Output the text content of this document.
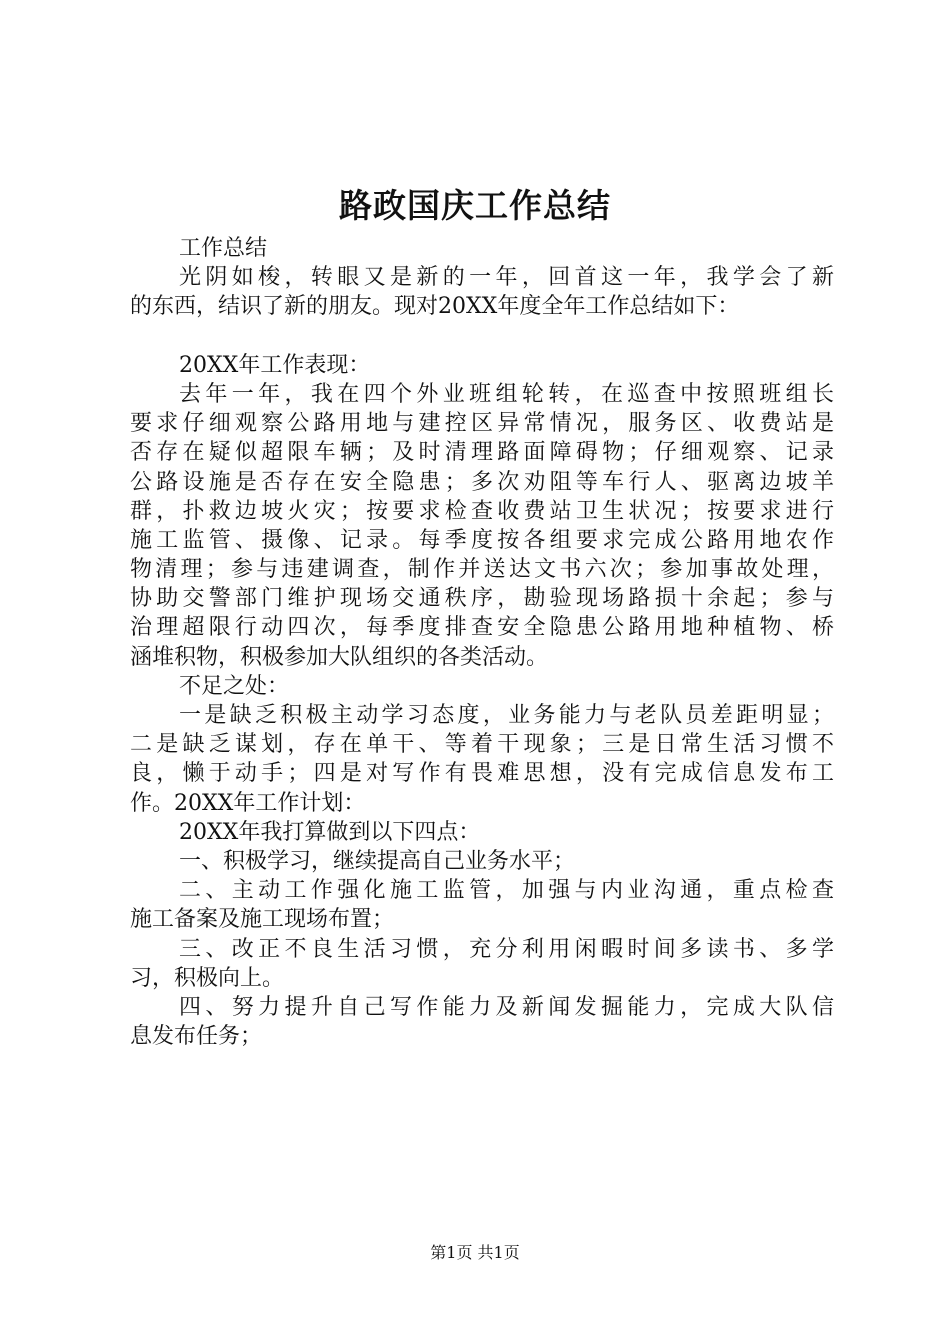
路政国庆工作总结
工作总结
光阴如梭，转眼又是新的一年，回首这一年，我学会了新
的东西，结识了新的朋友。现对20XX年度全年工作总结如下：
20XX年工作表现：
去年一年，我在四个外业班组轮转，在巡查中按照班组长
要求仔细观察公路用地与建控区异常情况，服务区、收费站是
否存在疑似超限车辆；及时清理路面障碍物；仔细观察、记录
公路设施是否存在安全隐患；多次劝阻等车行人、驱离边坡羊
群，扑救边坡火灾；按要求检查收费站卫生状况；按要求进行
施工监管、摄像、记录。每季度按各组要求完成公路用地农作
物清理；参与违建调查，制作并送达文书六次；参加事故处理，
协助交警部门维护现场交通秩序，勘验现场路损十余起；参与
治理超限行动四次，每季度排查安全隐患公路用地种植物、桥
涵堆积物，积极参加大队组织的各类活动。
不足之处：
一是缺乏积极主动学习态度，业务能力与老队员差距明显；
二是缺乏谋划，存在单干、等着干现象；三是日常生活习惯不
良，懒于动手；四是对写作有畏难思想，没有完成信息发布工
作。20XX年工作计划：
20XX年我打算做到以下四点：
一、积极学习，继续提高自己业务水平；
二、主动工作强化施工监管，加强与内业沟通，重点检查
施工备案及施工现场布置；
三、改正不良生活习惯，充分利用闲暇时间多读书、多学
习，积极向上。
四、努力提升自己写作能力及新闻发掘能力，完成大队信
息发布任务；
第1页 共1页
